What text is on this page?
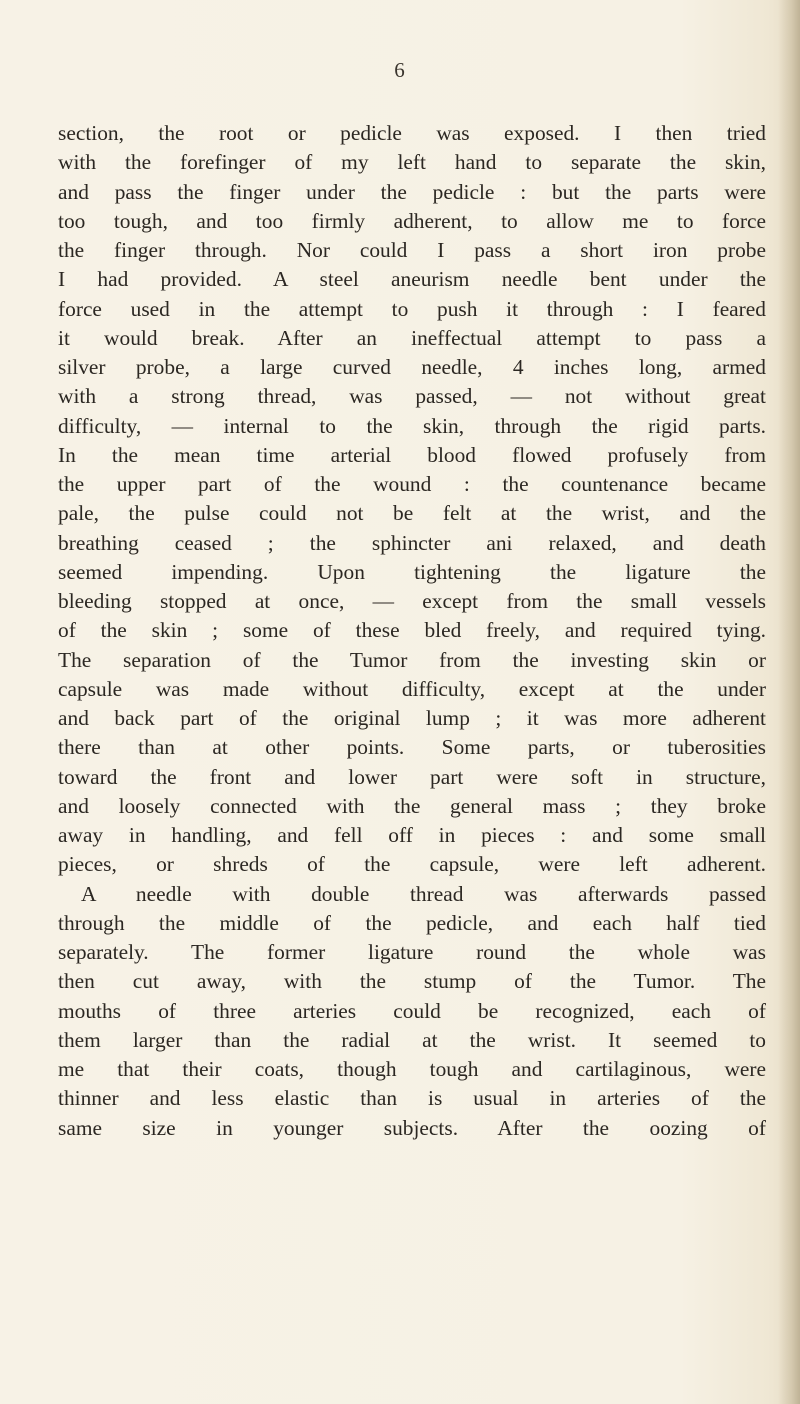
6
section, the root or pedicle was exposed. I then tried
with the forefinger of my left hand to separate the skin,
and pass the finger under the pedicle : but the parts were
too tough, and too firmly adherent, to allow me to force
the finger through. Nor could I pass a short iron probe
I had provided. A steel aneurism needle bent under the
force used in the attempt to push it through : I feared
it would break. After an ineffectual attempt to pass a
silver probe, a large curved needle, 4 inches long, armed
with a strong thread, was passed, — not without great
difficulty, — internal to the skin, through the rigid parts.
In the mean time arterial blood flowed profusely from
the upper part of the wound : the countenance became
pale, the pulse could not be felt at the wrist, and the
breathing ceased ; the sphincter ani relaxed, and death
seemed impending. Upon tightening the ligature the
bleeding stopped at once, — except from the small vessels
of the skin ; some of these bled freely, and required tying.
The separation of the Tumor from the investing skin or
capsule was made without difficulty, except at the under
and back part of the original lump ; it was more adherent
there than at other points. Some parts, or tuberosities
toward the front and lower part were soft in structure,
and loosely connected with the general mass ; they broke
away in handling, and fell off in pieces : and some small
pieces, or shreds of the capsule, were left adherent.
A needle with double thread was afterwards passed
through the middle of the pedicle, and each half tied
separately. The former ligature round the whole was
then cut away, with the stump of the Tumor. The
mouths of three arteries could be recognized, each of
them larger than the radial at the wrist. It seemed to
me that their coats, though tough and cartilaginous, were
thinner and less elastic than is usual in arteries of the
same size in younger subjects. After the oozing of
